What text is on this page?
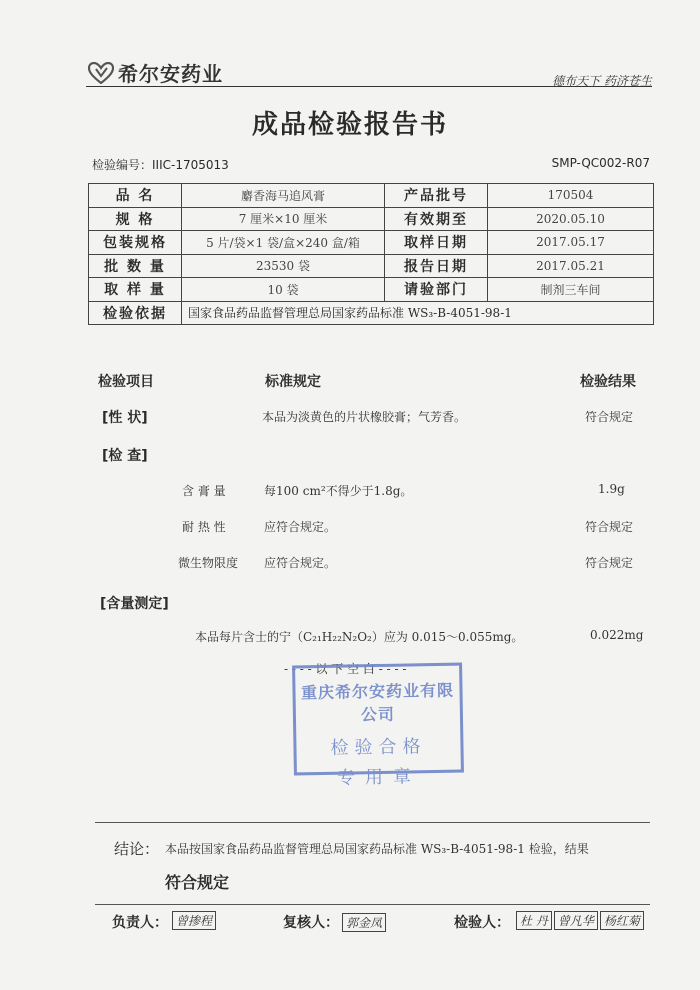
希尔安药业	德布天下 药济苍生
成品检验报告书
检验编号：IIIC-1705013	SMP-QC002-R07
品 名	麝香海马追风膏	产品批号	170504
规 格	7 厘米×10 厘米	有效期至	2020.05.10
包装规格	5 片/袋×1 袋/盒×240 盒/箱	取样日期	2017.05.17
批 数 量	23530 袋	报告日期	2017.05.21
取 样 量	10 袋	请验部门	制剂三车间
检验依据	国家食品药品监督管理总局国家药品标准 WS₃-B-4051-98-1		
检验项目	标准规定	检验结果
[性 状]	本品为淡黄色的片状橡胶膏；气芳香。	符合规定
[检 查]
含 膏 量	每100 cm²不得少于1.8g。	1.9g
耐 热 性	应符合规定。	符合规定
微生物限度 应符合规定。	符合规定
[含量测定]
本品每片含士的宁（C₂₁H₂₂N₂O₂）应为 0.015～0.055mg。	0.022mg
- - - - 以 下 空 白 - - - -
重庆希尔安药业有限公司
检验合格
专用章
结论： 本品按国家食品药品监督管理总局国家药品标准 WS₃-B-4051-98-1 检验，结果
符合规定
负责人： 曾掺程	复核人： 郭金凤	检验人： 杜 丹 曾凡华 杨红菊
